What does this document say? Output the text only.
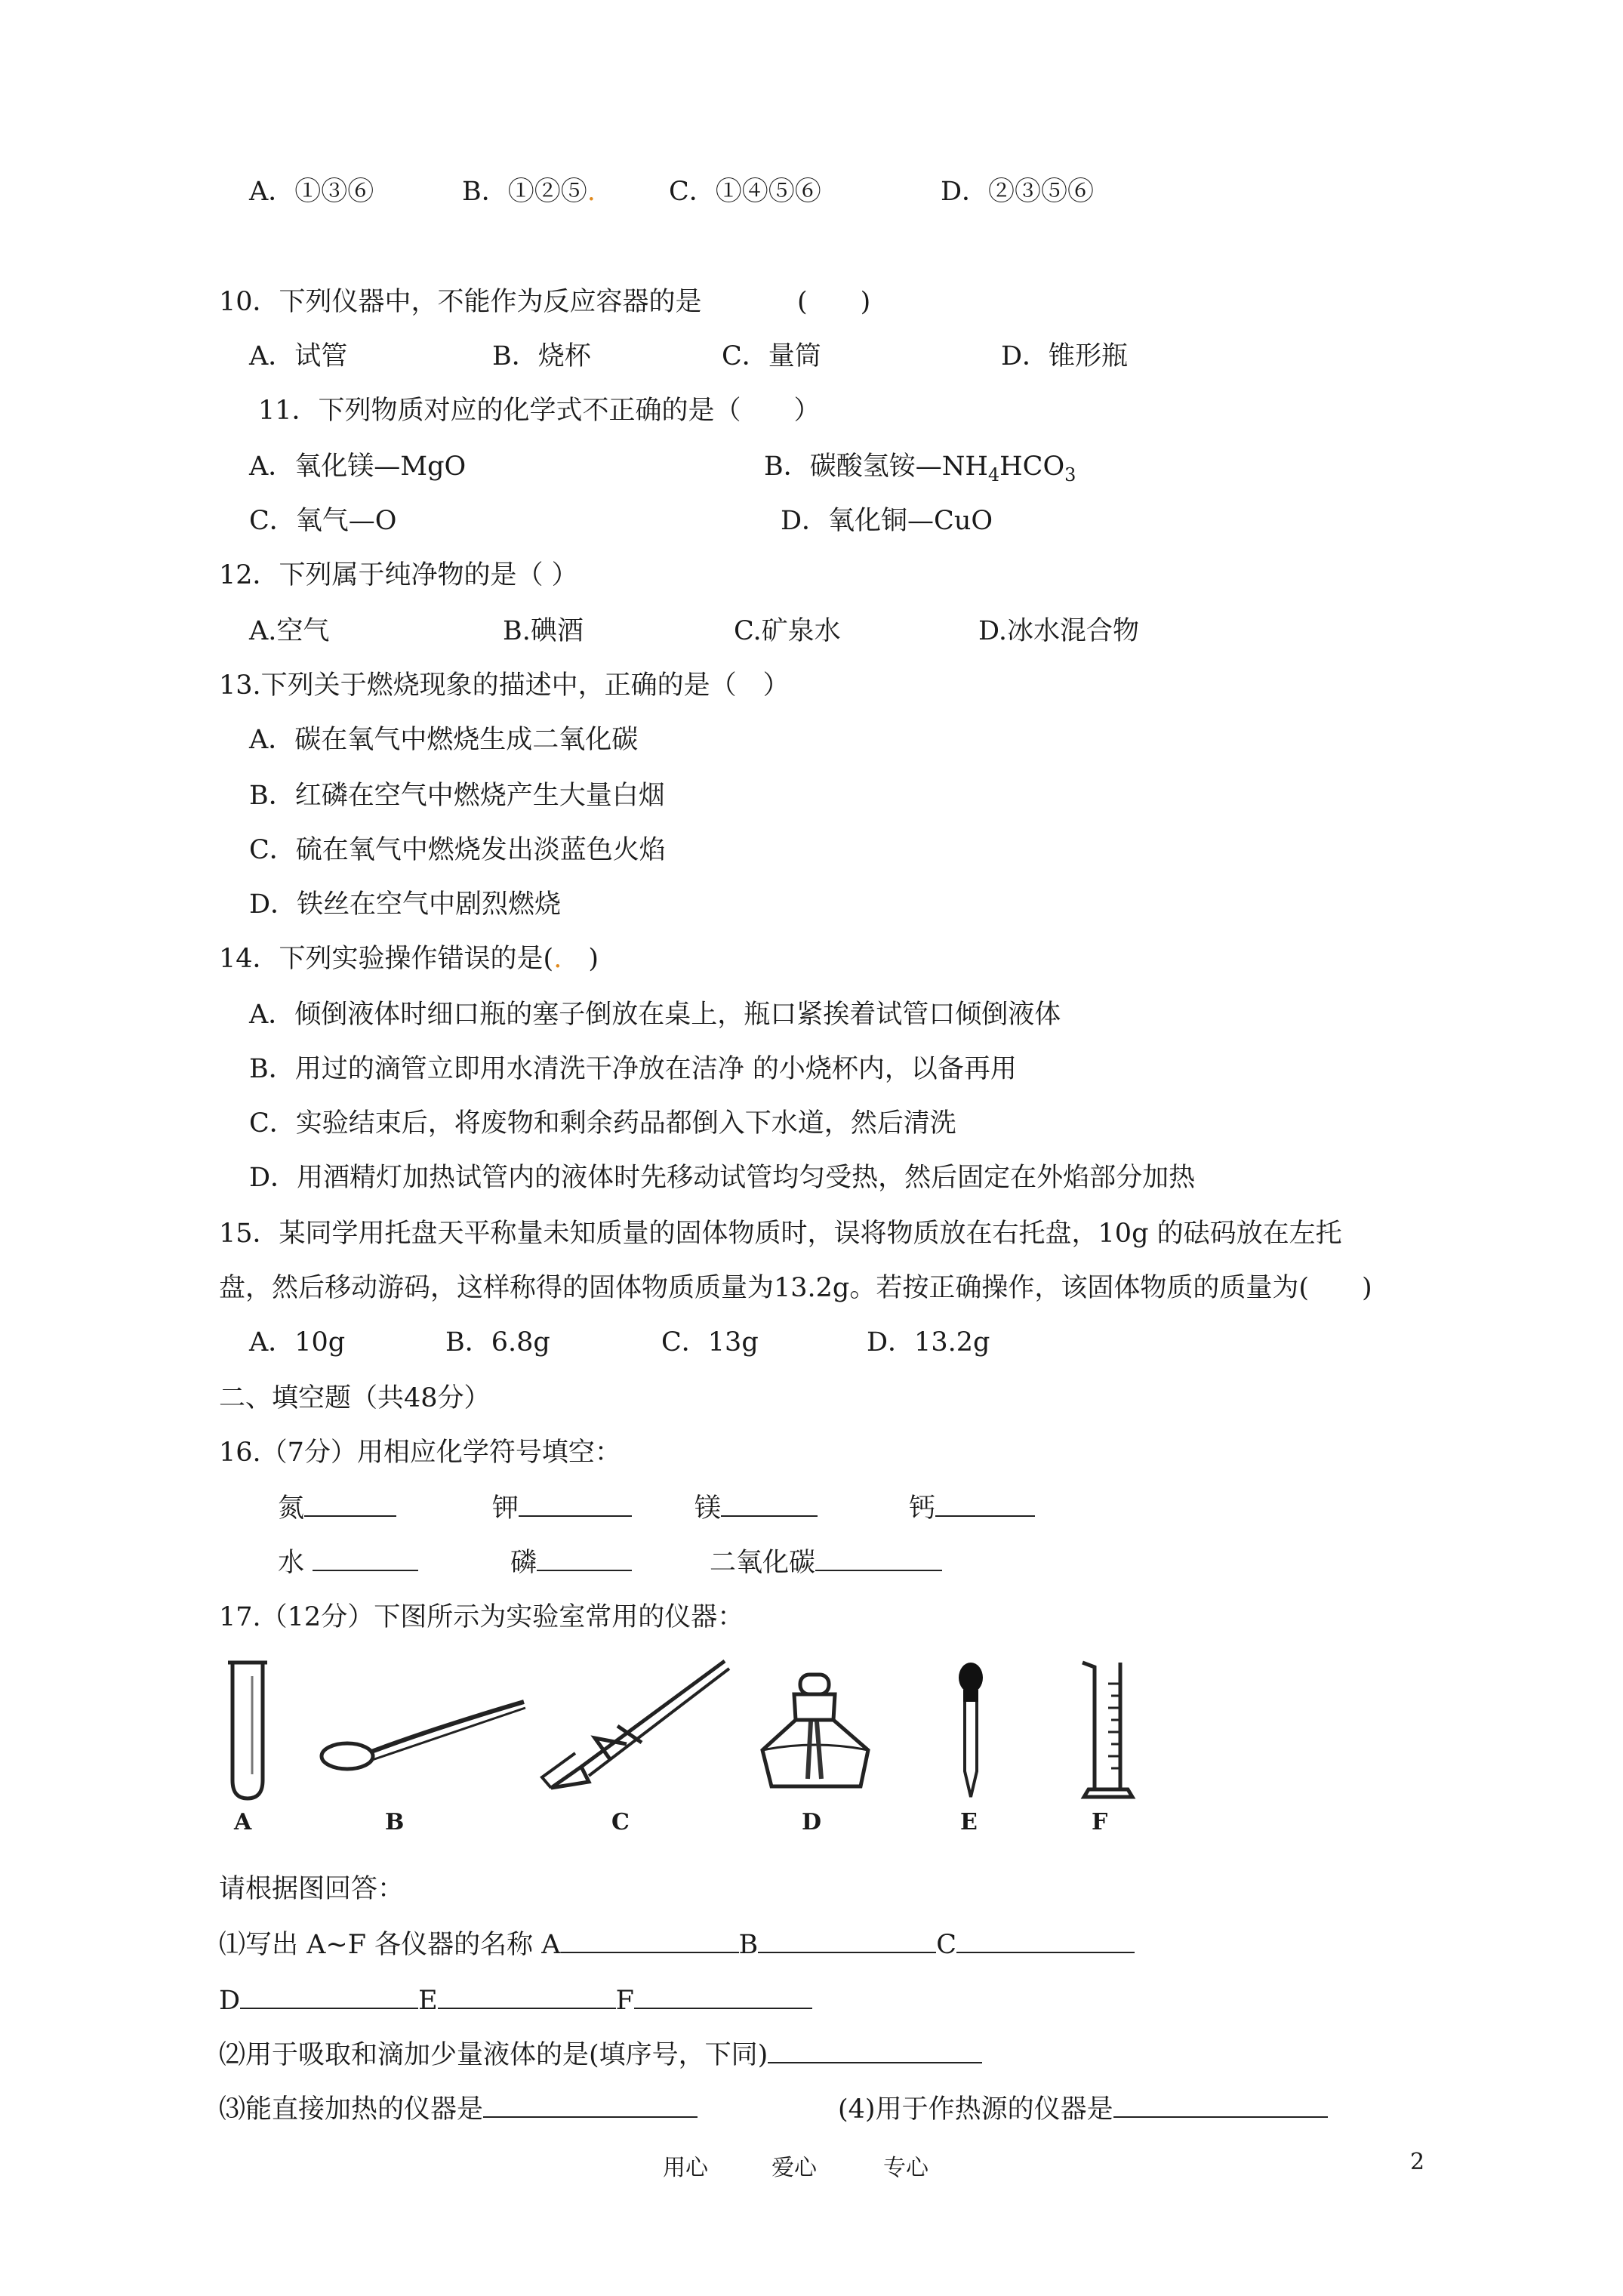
A．①③⑥	B．①②⑤.	C．①④⑤⑥	D．②③⑤⑥
10．下列仪器中，不能作为反应容器的是	(　　)
A．试管	B．烧杯	C．量筒	D．锥形瓶
11．下列物质对应的化学式不正确的是（　　）
A．氧化镁—MgO	B．碳酸氢铵$—NH_4HCO_3$
C．氧气—O	D．氧化铜—CuO
12．下列属于纯净物的是（ ）
A.空气	B.碘酒	C.矿泉水	D.冰水混合物
13.下列关于燃烧现象的描述中，正确的是（　）
A．碳在氧气中燃烧生成二氧化碳
B．红磷在空气中燃烧产生大量白烟
C．硫在氧气中燃烧发出淡蓝色火焰
D．铁丝在空气中剧烈燃烧
14．下列实验操作错误的是(.　)
A．倾倒液体时细口瓶的塞子倒放在桌上，瓶口紧挨着试管口倾倒液体
B．用过的滴管立即用水清洗干净放在洁净 的小烧杯内，以备再用
C．实验结束后，将废物和剩余药品都倒入下水道，然后清洗
D．用酒精灯加热试管内的液体时先移动试管均匀受热，然后固定在外焰部分加热
15．某同学用托盘天平称量未知质量的固体物质时，误将物质放在右托盘，10g 的砝码放在左托
盘，然后移动游码，这样称得的固体物质质量为13.2g。若按正确操作，该固体物质的质量为(　　)
A．10g	B．6.8g	C．13g	D．13.2g
二、填空题（共48分）
16.（7分）用相应化学符号填空：
氮	钾	镁	钙
水	磷	二氧化碳
17.（12分）下图所示为实验室常用的仪器：
A	B	C	D	E	F
请根据图回答：
⑴写出 A~F 各仪器的名称 A	B	C
D	E	F
⑵用于吸取和滴加少量液体的是(填序号，下同)
⑶能直接加热的仪器是	(4)用于作热源的仪器是
用心	爱心	专心	2
